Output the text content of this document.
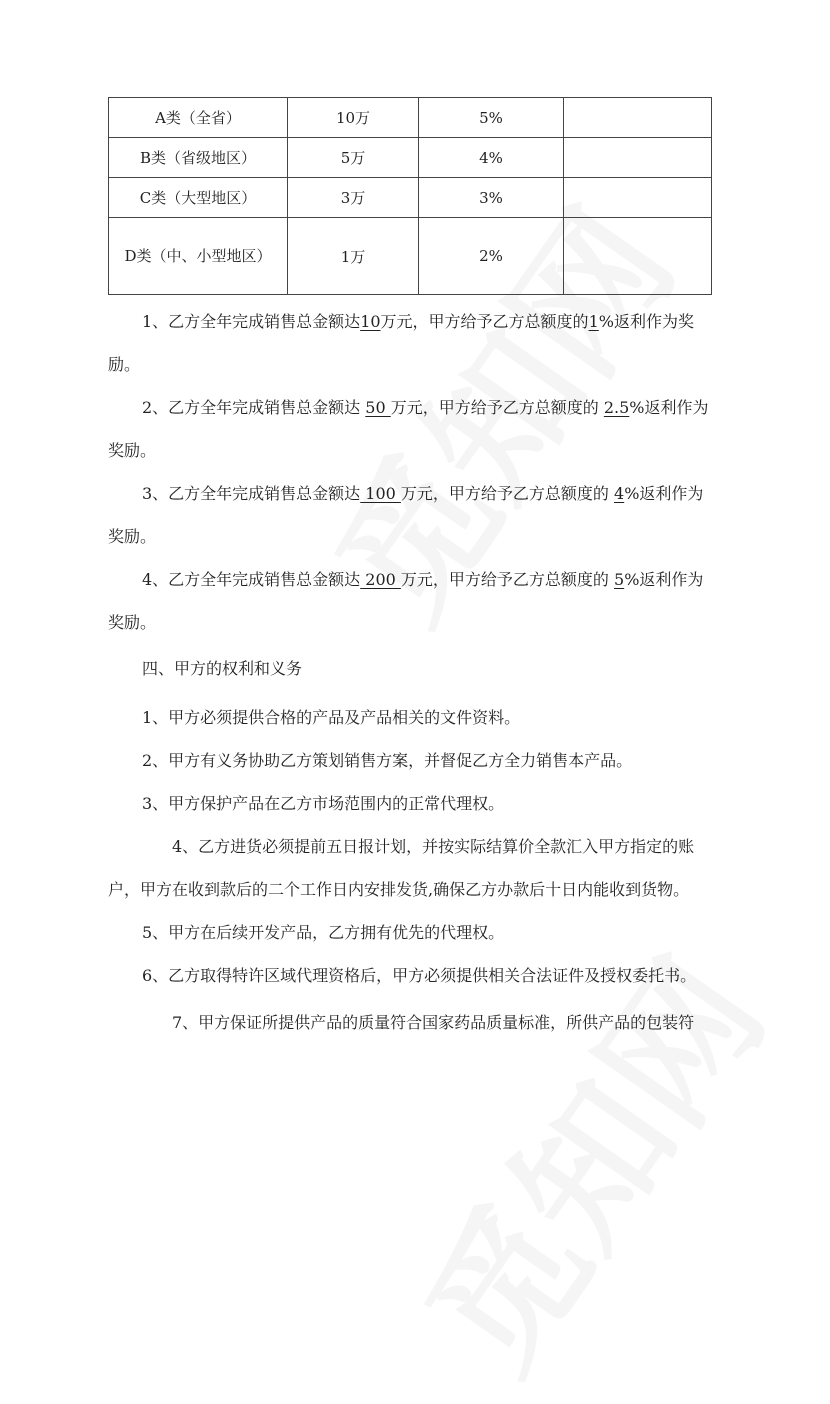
A类（全省）	10万	5%	
B类（省级地区）	5万	4%	
C类（大型地区）	3万	3%	

D类（中、小型地区）	1万	2%	

1、乙方全年完成销售总金额达10万元，甲方给予乙方总额度的1%返利作为奖励。

2、乙方全年完成销售总金额达 50 万元，甲方给予乙方总额度的 2.5%返利作为奖励。

3、乙方全年完成销售总金额达 100 万元，甲方给予乙方总额度的 4%返利作为奖励。

4、乙方全年完成销售总金额达 200 万元，甲方给予乙方总额度的 5%返利作为奖励。

四、甲方的权利和义务

1、甲方必须提供合格的产品及产品相关的文件资料。

2、甲方有义务协助乙方策划销售方案，并督促乙方全力销售本产品。

3、甲方保护产品在乙方市场范围内的正常代理权。

4、乙方进货必须提前五日报计划，并按实际结算价全款汇入甲方指定的账户，甲方在收到款后的二个工作日内安排发货,确保乙方办款后十日内能收到货物。

5、甲方在后续开发产品，乙方拥有优先的代理权。

6、乙方取得特许区域代理资格后，甲方必须提供相关合法证件及授权委托书。

7、甲方保证所提供产品的质量符合国家药品质量标准，所供产品的包装符
